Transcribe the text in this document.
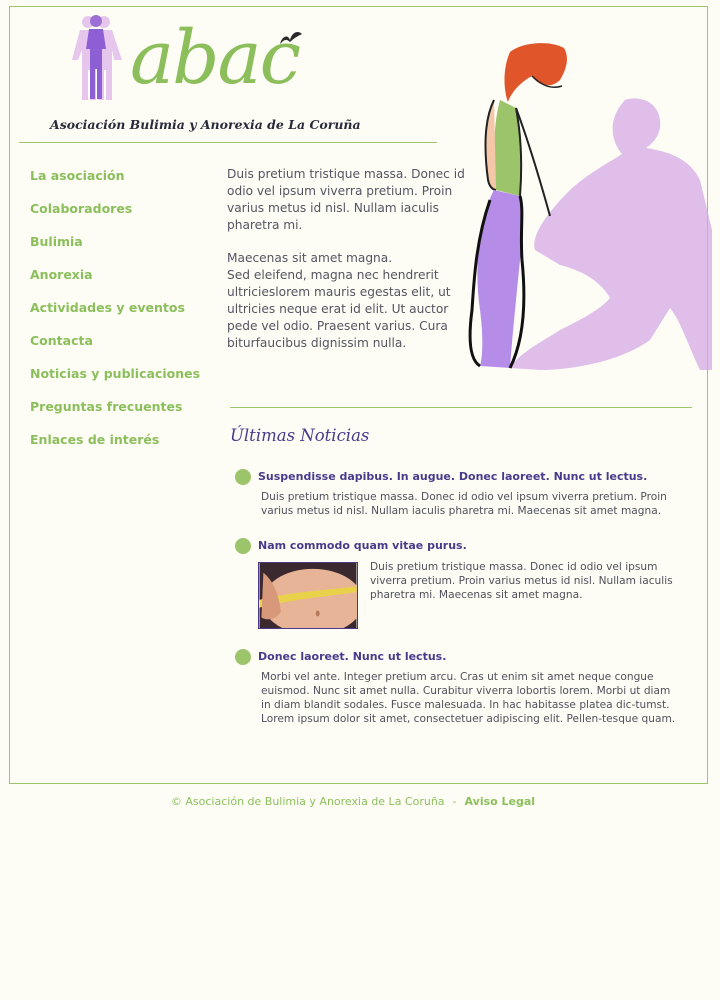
abac
Asociación Bulimia y Anorexia de La Coruña
La asociación
Colaboradores
Bulimia
Anorexia
Actividades y eventos
Contacta
Noticias y publicaciones
Preguntas frecuentes
Enlaces de interés

Duis pretium tristique massa. Donec id odio vel ipsum viverra pretium. Proin varius metus id nisl. Nullam iaculis pharetra mi.

Maecenas sit amet magna.
Sed eleifend, magna nec hendrerit ultricieslorem mauris egestas elit, ut ultricies neque erat id elit. Ut auctor pede vel odio. Praesent varius. Cura biturfaucibus dignissim nulla.

Últimas Noticias
Suspendisse dapibus. In augue. Donec laoreet. Nunc ut lectus.
Duis pretium tristique massa. Donec id odio vel ipsum viverra pretium. Proin varius metus id nisl. Nullam iaculis pharetra mi. Maecenas sit amet magna.
Nam commodo quam vitae purus.
Duis pretium tristique massa. Donec id odio vel ipsum viverra pretium. Proin varius metus id nisl. Nullam iaculis pharetra mi. Maecenas sit amet magna.
Donec laoreet. Nunc ut lectus.
Morbi vel ante. Integer pretium arcu. Cras ut enim sit amet neque congue euismod. Nunc sit amet nulla. Curabitur viverra lobortis lorem. Morbi ut diam in diam blandit sodales. Fusce malesuada. In hac habitasse platea dic-tumst. Lorem ipsum dolor sit amet, consectetuer adipiscing elit. Pellen-tesque quam.
© Asociación de Bulimia y Anorexia de La Coruña - Aviso Legal
